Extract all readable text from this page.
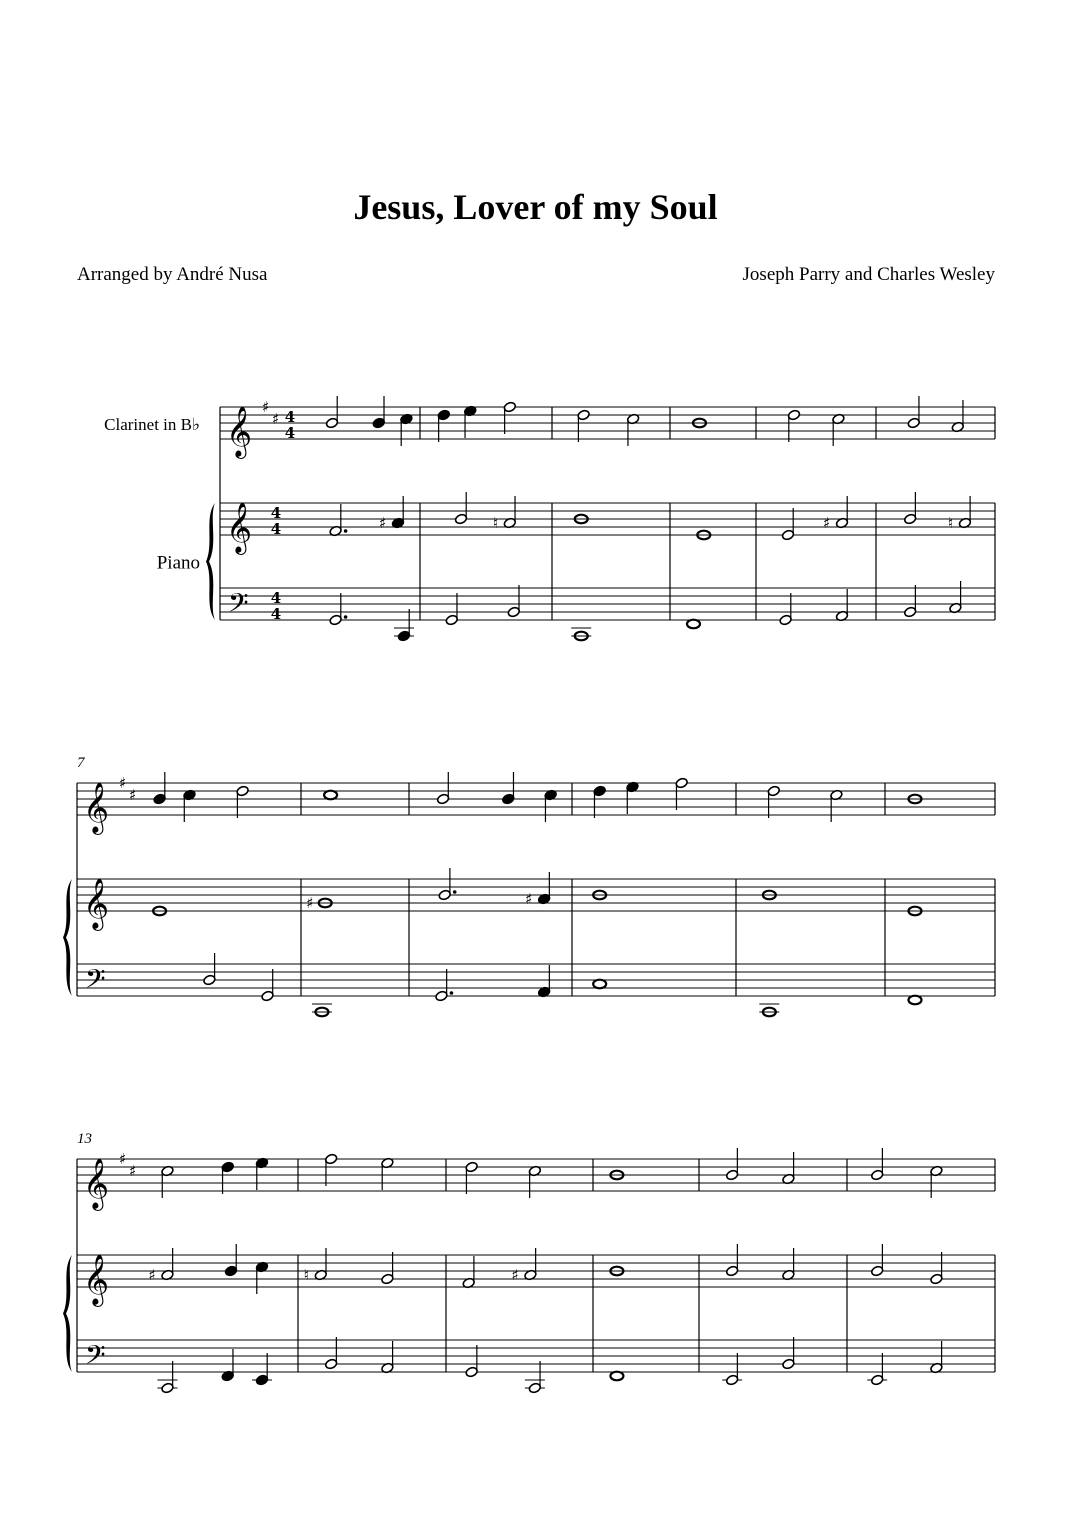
Jesus, Lover of my Soul
Arranged by André Nusa	Joseph Parry and Charles Wesley
𝄞 ♯
♯
𝄞
𝄢
4
4
4
4
4
4
♯	♮	♯	♮
𝄞 ♯
♯
𝄞
𝄢
7
♯	♯
𝄞 ♯
♯
𝄞
𝄢
13
♯	♮	♯
Clarinet in B♭
Piano
